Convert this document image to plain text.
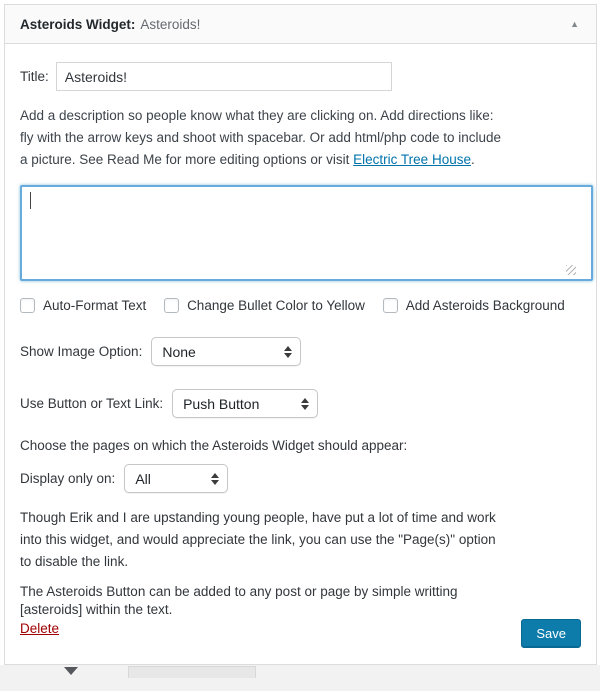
Asteroids Widget: Asteroids!	▲
Title:
Asteroids!
Add a description so people know what they are clicking on. Add directions like:
fly with the arrow keys and shoot with spacebar. Or add html/php code to include
a picture. See Read Me for more editing options or visit Electric Tree House.
Auto-Format Text	Change Bullet Color to Yellow	Add Asteroids Background
Show Image Option: None
Use Button or Text Link: Push Button
Choose the pages on which the Asteroids Widget should appear:
Display only on: All
Though Erik and I are upstanding young people, have put a lot of time and work
into this widget, and would appreciate the link, you can use the "Page(s)" option
to disable the link.
The Asteroids Button can be added to any post or page by simple writting
[asteroids] within the text.
Delete	Save
